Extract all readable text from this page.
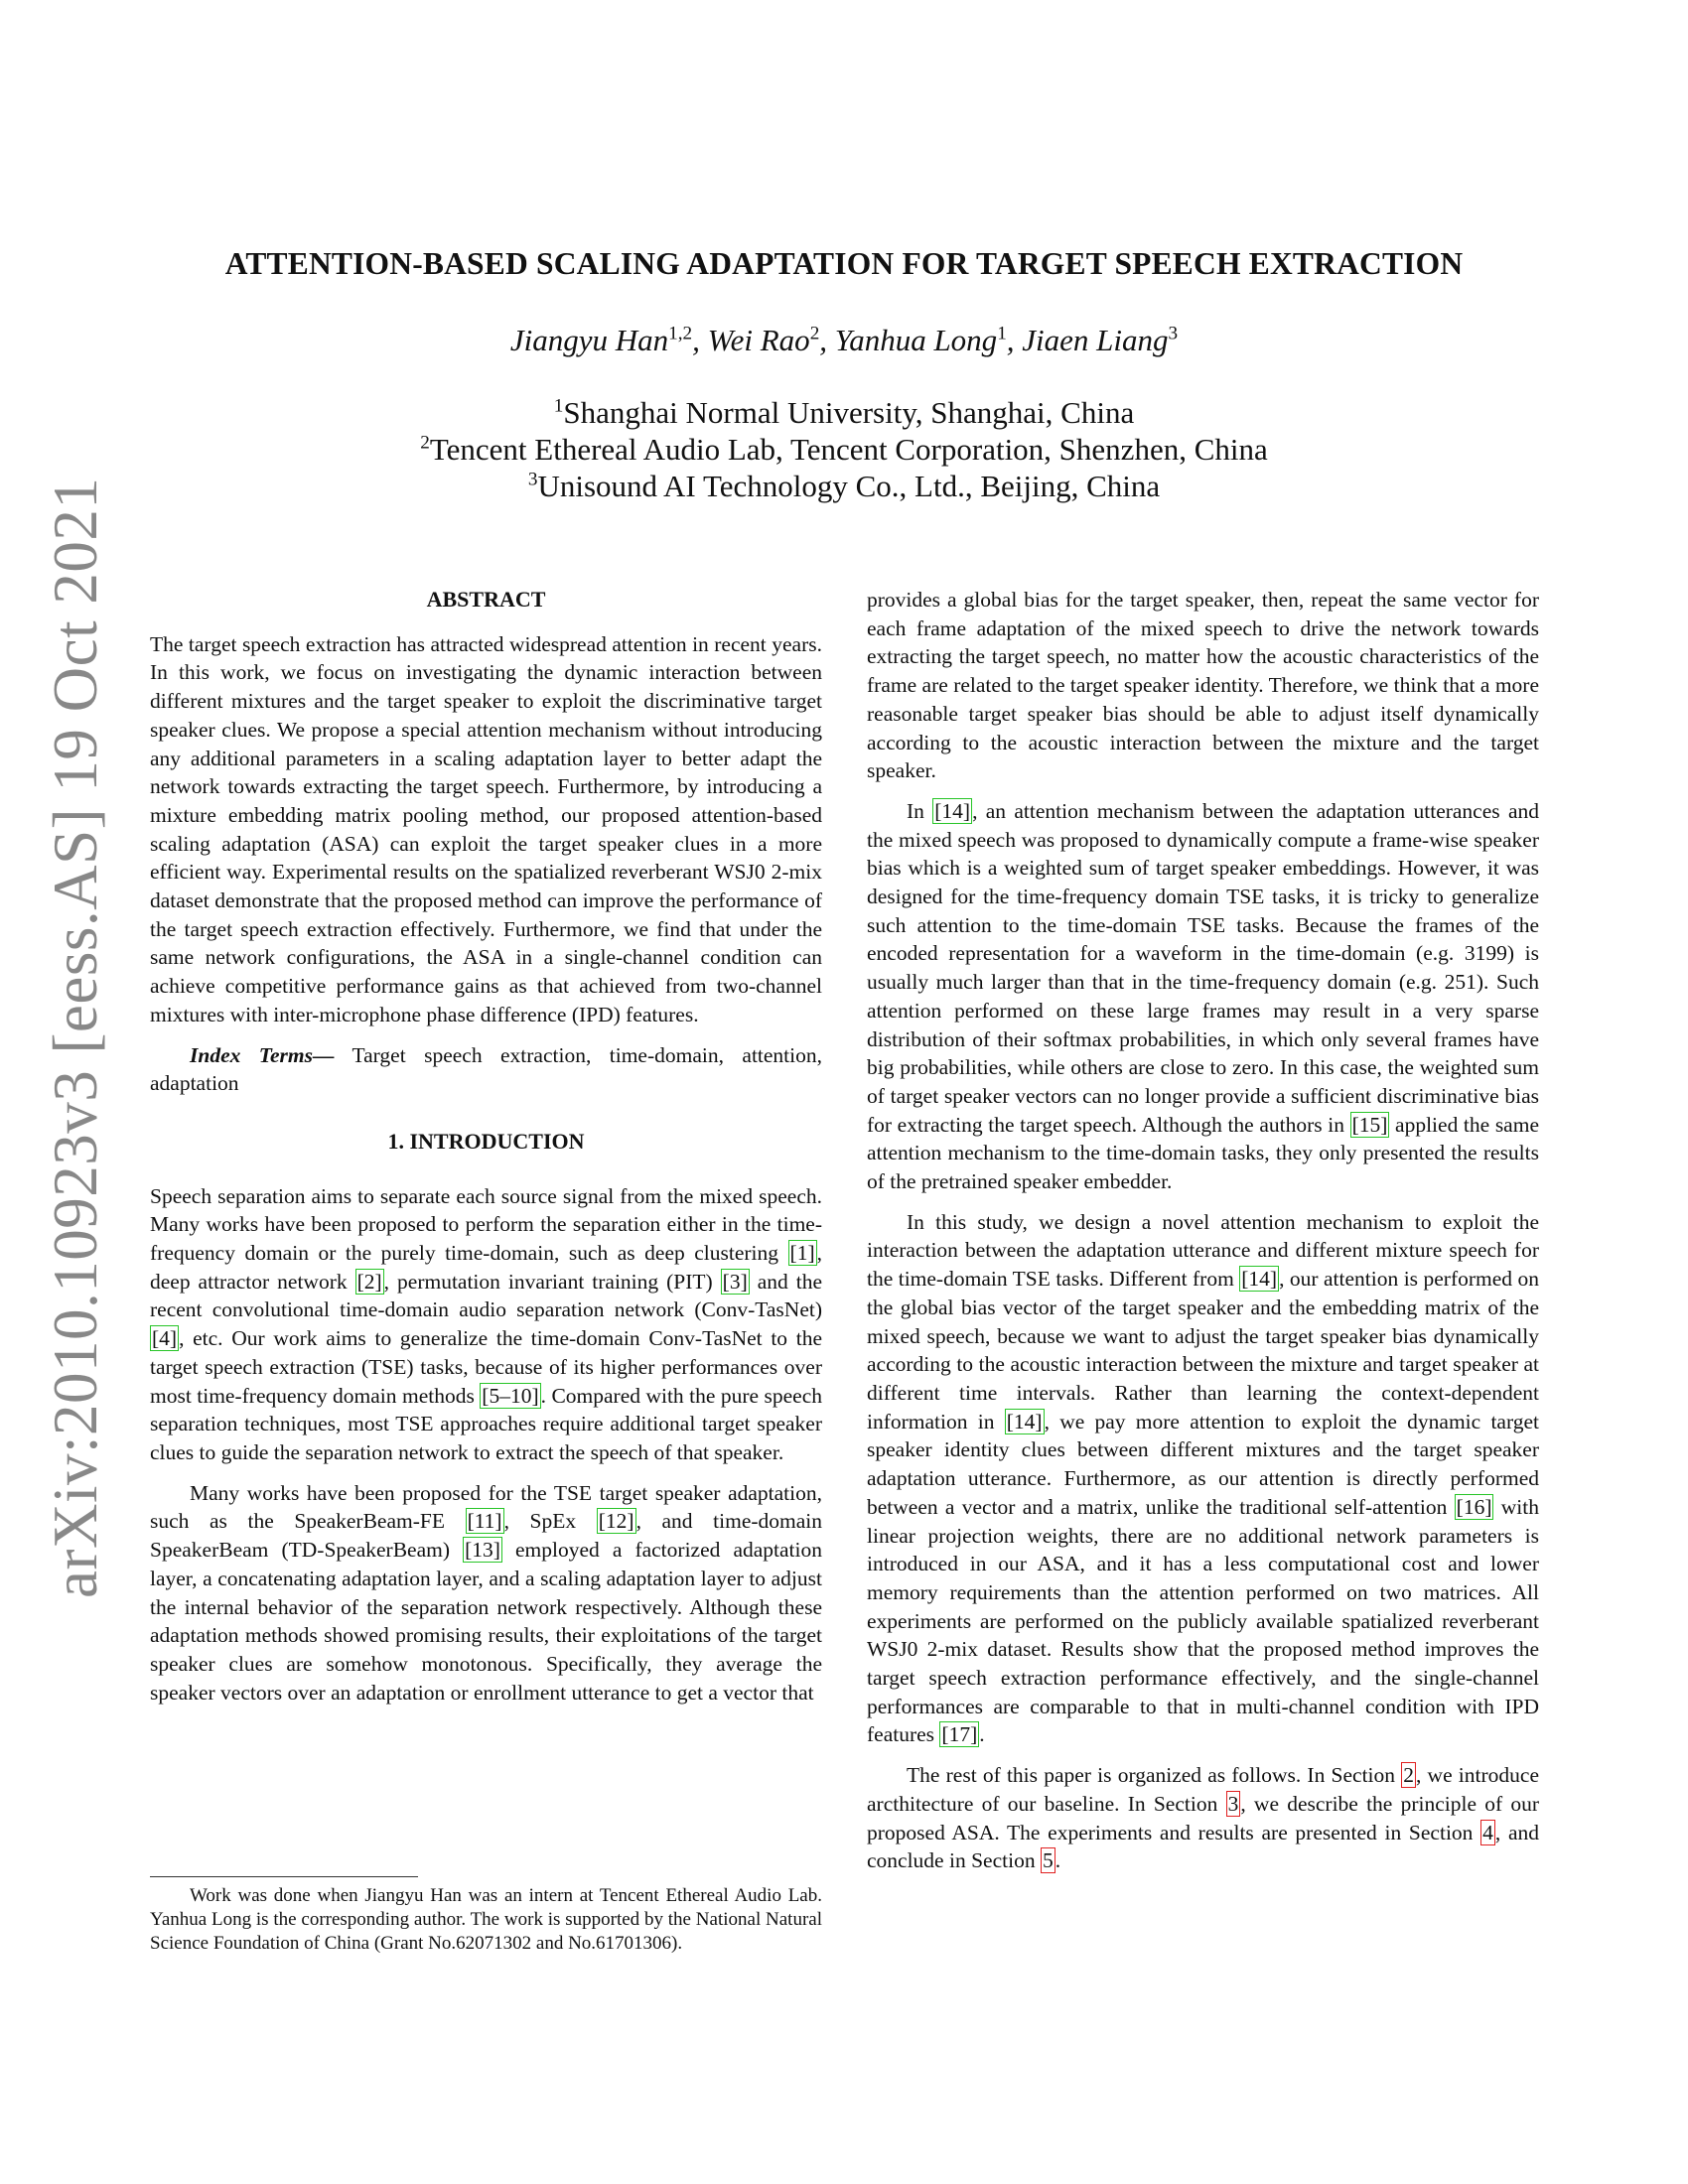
arXiv:2010.10923v3 [eess.AS] 19 Oct 2021
ATTENTION-BASED SCALING ADAPTATION FOR TARGET SPEECH EXTRACTION
Jiangyu Han$^{1,2}$, Wei Rao$^2$, Yanhua Long$^1$, Jiaen Liang$^3$
$^1$Shanghai Normal University, Shanghai, China
$^2$Tencent Ethereal Audio Lab, Tencent Corporation, Shenzhen, China
$^3$Unisound AI Technology Co., Ltd., Beijing, China
ABSTRACT

The target speech extraction has attracted widespread attention in recent years. In this work, we focus on investigating the dynamic interaction between different mixtures and the target speaker to exploit the discriminative target speaker clues. We propose a special attention mechanism without introducing any additional parameters in a scaling adaptation layer to better adapt the network towards extracting the target speech. Furthermore, by introducing a mixture embedding matrix pooling method, our proposed attention-based scaling adaptation (ASA) can exploit the target speaker clues in a more efficient way. Experimental results on the spatialized reverberant WSJ0 2-mix dataset demonstrate that the proposed method can improve the performance of the target speech extraction effectively. Furthermore, we find that under the same network configurations, the ASA in a single-channel condition can achieve competitive performance gains as that achieved from two-channel mixtures with inter-microphone phase difference (IPD) features.

Index Terms— Target speech extraction, time-domain, attention, adaptation

1. INTRODUCTION

Speech separation aims to separate each source signal from the mixed speech. Many works have been proposed to perform the separation either in the time-frequency domain or the purely time-domain, such as deep clustering [1], deep attractor network [2], permutation invariant training (PIT) [3] and the recent convolutional time-domain audio separation network (Conv-TasNet) [4], etc. Our work aims to generalize the time-domain Conv-TasNet to the target speech extraction (TSE) tasks, because of its higher performances over most time-frequency domain methods [5–10]. Compared with the pure speech separation techniques, most TSE approaches require additional target speaker clues to guide the separation network to extract the speech of that speaker.

Many works have been proposed for the TSE target speaker adaptation, such as the SpeakerBeam-FE [11], SpEx [12], and time-domain SpeakerBeam (TD-SpeakerBeam) [13] employed a factorized adaptation layer, a concatenating adaptation layer, and a scaling adaptation layer to adjust the internal behavior of the separation network respectively. Although these adaptation methods showed promising results, their exploitations of the target speaker clues are somehow monotonous. Specifically, they average the speaker vectors over an adaptation or enrollment utterance to get a vector that

provides a global bias for the target speaker, then, repeat the same vector for each frame adaptation of the mixed speech to drive the network towards extracting the target speech, no matter how the acoustic characteristics of the frame are related to the target speaker identity. Therefore, we think that a more reasonable target speaker bias should be able to adjust itself dynamically according to the acoustic interaction between the mixture and the target speaker.

In [14], an attention mechanism between the adaptation utterances and the mixed speech was proposed to dynamically compute a frame-wise speaker bias which is a weighted sum of target speaker embeddings. However, it was designed for the time-frequency domain TSE tasks, it is tricky to generalize such attention to the time-domain TSE tasks. Because the frames of the encoded representation for a waveform in the time-domain (e.g. 3199) is usually much larger than that in the time-frequency domain (e.g. 251). Such attention performed on these large frames may result in a very sparse distribution of their softmax probabilities, in which only several frames have big probabilities, while others are close to zero. In this case, the weighted sum of target speaker vectors can no longer provide a sufficient discriminative bias for extracting the target speech. Although the authors in [15] applied the same attention mechanism to the time-domain tasks, they only presented the results of the pretrained speaker embedder.

In this study, we design a novel attention mechanism to exploit the interaction between the adaptation utterance and different mixture speech for the time-domain TSE tasks. Different from [14], our attention is performed on the global bias vector of the target speaker and the embedding matrix of the mixed speech, because we want to adjust the target speaker bias dynamically according to the acoustic interaction between the mixture and target speaker at different time intervals. Rather than learning the context-dependent information in [14], we pay more attention to exploit the dynamic target speaker identity clues between different mixtures and the target speaker adaptation utterance. Furthermore, as our attention is directly performed between a vector and a matrix, unlike the traditional self-attention [16] with linear projection weights, there are no additional network parameters is introduced in our ASA, and it has a less computational cost and lower memory requirements than the attention performed on two matrices. All experiments are performed on the publicly available spatialized reverberant WSJ0 2-mix dataset. Results show that the proposed method improves the target speech extraction performance effectively, and the single-channel performances are comparable to that in multi-channel condition with IPD features [17].

The rest of this paper is organized as follows. In Section 2, we introduce arcthitecture of our baseline. In Section 3, we describe the principle of our proposed ASA. The experiments and results are presented in Section 4, and conclude in Section 5.

Work was done when Jiangyu Han was an intern at Tencent Ethereal Audio Lab. Yanhua Long is the corresponding author. The work is supported by the National Natural Science Foundation of China (Grant No.62071302 and No.61701306).
